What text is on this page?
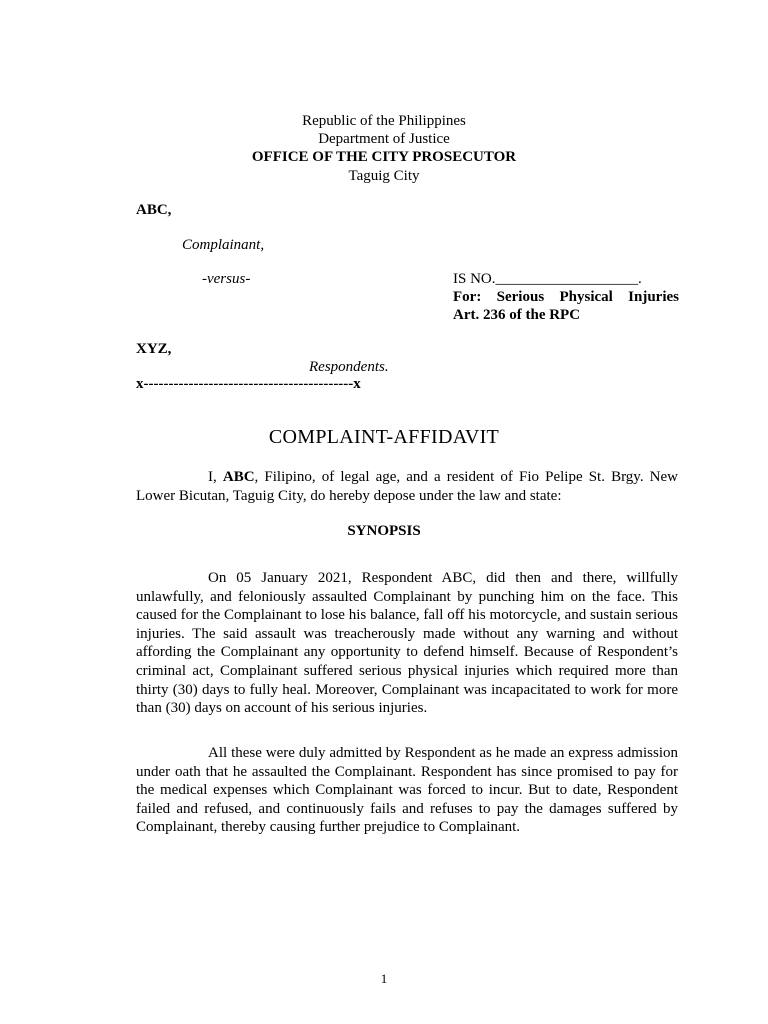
Republic of the Philippines
Department of Justice
OFFICE OF THE CITY PROSECUTOR
Taguig City
ABC,
Complainant,
-versus-	IS NO.___________________.
For: Serious Physical Injuries
Art. 236 of the RPC
XYZ,
Respondents.
x------------------------------------------x
COMPLAINT-AFFIDAVIT
I, ABC, Filipino, of legal age, and a resident of Fio Pelipe St. Brgy. New Lower Bicutan, Taguig City, do hereby depose under the law and state:
SYNOPSIS
On 05 January 2021, Respondent ABC, did then and there, willfully unlawfully, and feloniously assaulted Complainant by punching him on the face. This caused for the Complainant to lose his balance, fall off his motorcycle, and sustain serious injuries. The said assault was treacherously made without any warning and without affording the Complainant any opportunity to defend himself. Because of Respondent’s criminal act, Complainant suffered serious physical injuries which required more than thirty (30) days to fully heal. Moreover, Complainant was incapacitated to work for more than (30) days on account of his serious injuries.
All these were duly admitted by Respondent as he made an express admission under oath that he assaulted the Complainant. Respondent has since promised to pay for the medical expenses which Complainant was forced to incur. But to date, Respondent failed and refused, and continuously fails and refuses to pay the damages suffered by Complainant, thereby causing further prejudice to Complainant.
1
